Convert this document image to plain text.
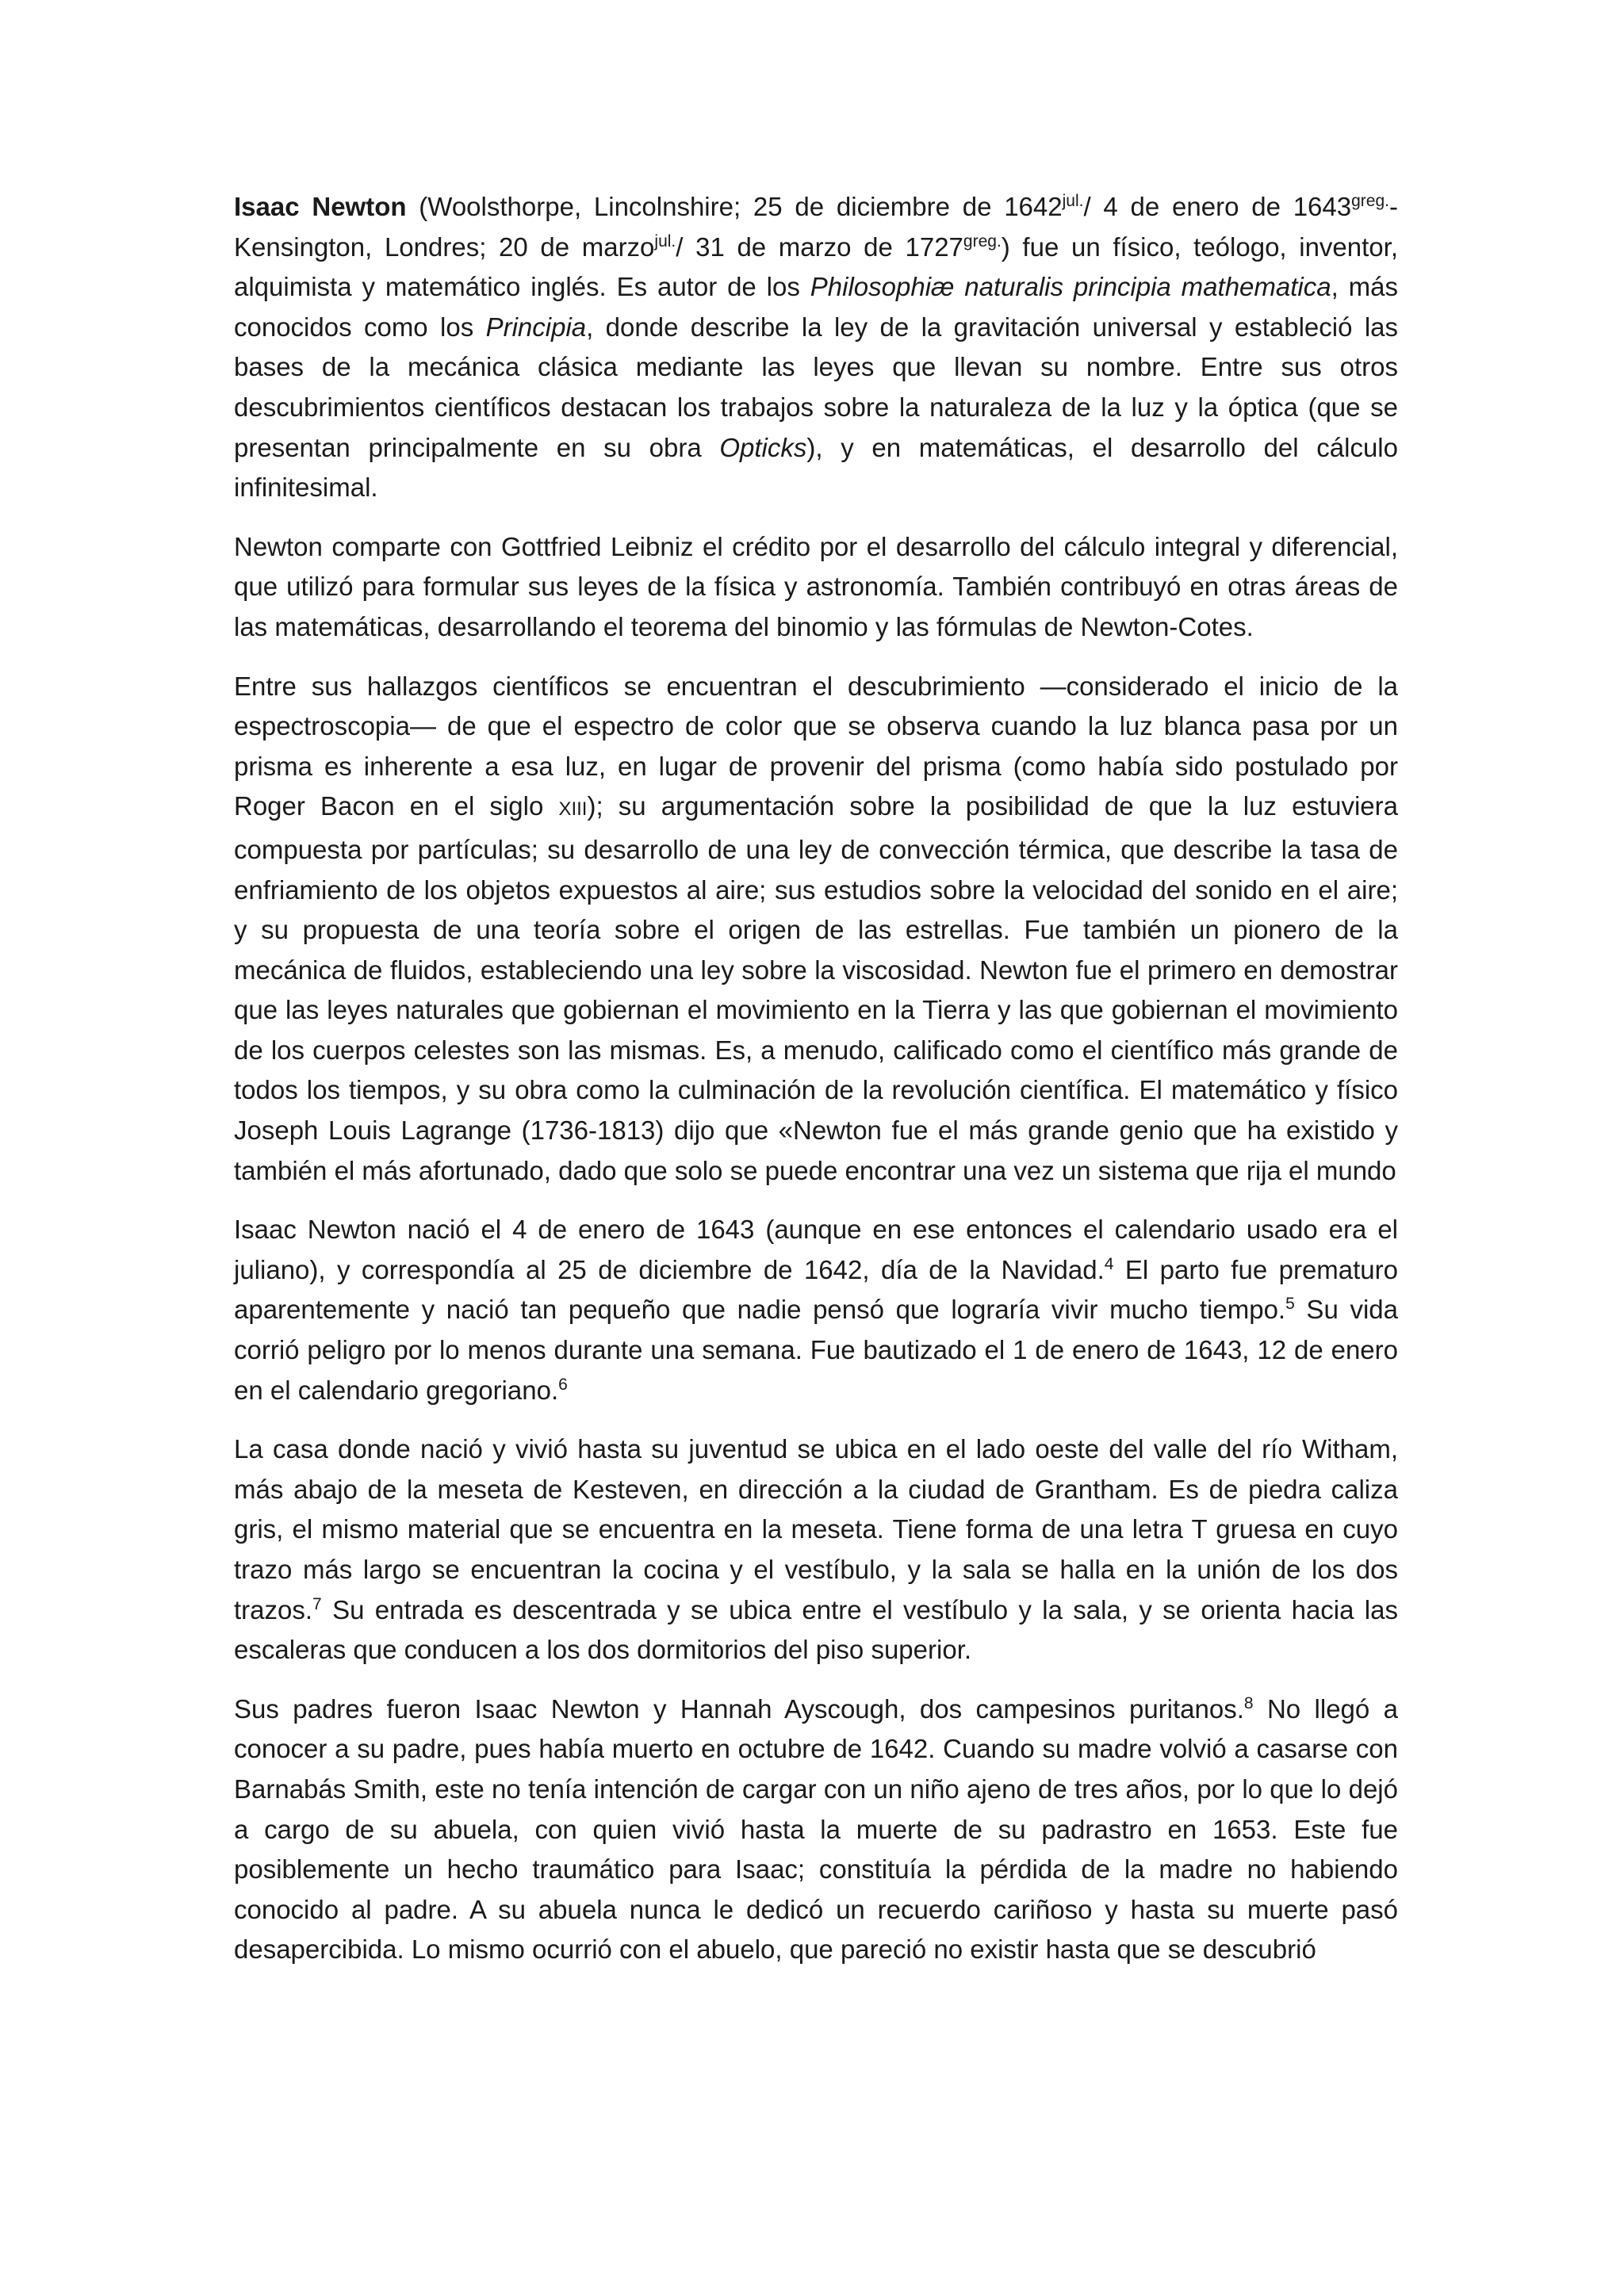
Isaac Newton (Woolsthorpe, Lincolnshire; 25 de diciembre de $1642^{jul.}/$ 4 de enero de $1643^{greg.}$-Kensington, Londres; 20 de marzo$^{jul.}$/ 31 de marzo de $1727^{greg.}$) fue un físico, teólogo, inventor, alquimista y matemático inglés. Es autor de los Philosophiæ naturalis principia mathematica, más conocidos como los Principia, donde describe la ley de la gravitación universal y estableció las bases de la mecánica clásica mediante las leyes que llevan su nombre. Entre sus otros descubrimientos científicos destacan los trabajos sobre la naturaleza de la luz y la óptica (que se presentan principalmente en su obra Opticks), y en matemáticas, el desarrollo del cálculo infinitesimal.

Newton comparte con Gottfried Leibniz el crédito por el desarrollo del cálculo integral y diferencial, que utilizó para formular sus leyes de la física y astronomía. También contribuyó en otras áreas de las matemáticas, desarrollando el teorema del binomio y las fórmulas de Newton-Cotes.

Entre sus hallazgos científicos se encuentran el descubrimiento —considerado el inicio de la espectroscopia— de que el espectro de color que se observa cuando la luz blanca pasa por un prisma es inherente a esa luz, en lugar de provenir del prisma (como había sido postulado por Roger Bacon en el siglo XIII); su argumentación sobre la posibilidad de que la luz estuviera compuesta por partículas; su desarrollo de una ley de convección térmica, que describe la tasa de enfriamiento de los objetos expuestos al aire; sus estudios sobre la velocidad del sonido en el aire; y su propuesta de una teoría sobre el origen de las estrellas. Fue también un pionero de la mecánica de fluidos, estableciendo una ley sobre la viscosidad. Newton fue el primero en demostrar que las leyes naturales que gobiernan el movimiento en la Tierra y las que gobiernan el movimiento de los cuerpos celestes son las mismas. Es, a menudo, calificado como el científico más grande de todos los tiempos, y su obra como la culminación de la revolución científica. El matemático y físico Joseph Louis Lagrange (1736-1813) dijo que «Newton fue el más grande genio que ha existido y también el más afortunado, dado que solo se puede encontrar una vez un sistema que rija el mundo

Isaac Newton nació el 4 de enero de 1643 (aunque en ese entonces el calendario usado era el juliano), y correspondía al 25 de diciembre de 1642, día de la Navidad.$^4$ El parto fue prematuro aparentemente y nació tan pequeño que nadie pensó que lograría vivir mucho tiempo.$^5$ Su vida corrió peligro por lo menos durante una semana. Fue bautizado el 1 de enero de 1643, 12 de enero en el calendario gregoriano.$^6$

La casa donde nació y vivió hasta su juventud se ubica en el lado oeste del valle del río Witham, más abajo de la meseta de Kesteven, en dirección a la ciudad de Grantham. Es de piedra caliza gris, el mismo material que se encuentra en la meseta. Tiene forma de una letra T gruesa en cuyo trazo más largo se encuentran la cocina y el vestíbulo, y la sala se halla en la unión de los dos trazos.$^7$ Su entrada es descentrada y se ubica entre el vestíbulo y la sala, y se orienta hacia las escaleras que conducen a los dos dormitorios del piso superior.

Sus padres fueron Isaac Newton y Hannah Ayscough, dos campesinos puritanos.$^8$ No llegó a conocer a su padre, pues había muerto en octubre de 1642. Cuando su madre volvió a casarse con Barnabás Smith, este no tenía intención de cargar con un niño ajeno de tres años, por lo que lo dejó a cargo de su abuela, con quien vivió hasta la muerte de su padrastro en 1653. Este fue posiblemente un hecho traumático para Isaac; constituía la pérdida de la madre no habiendo conocido al padre. A su abuela nunca le dedicó un recuerdo cariñoso y hasta su muerte pasó desapercibida. Lo mismo ocurrió con el abuelo, que pareció no existir hasta que se descubrió
